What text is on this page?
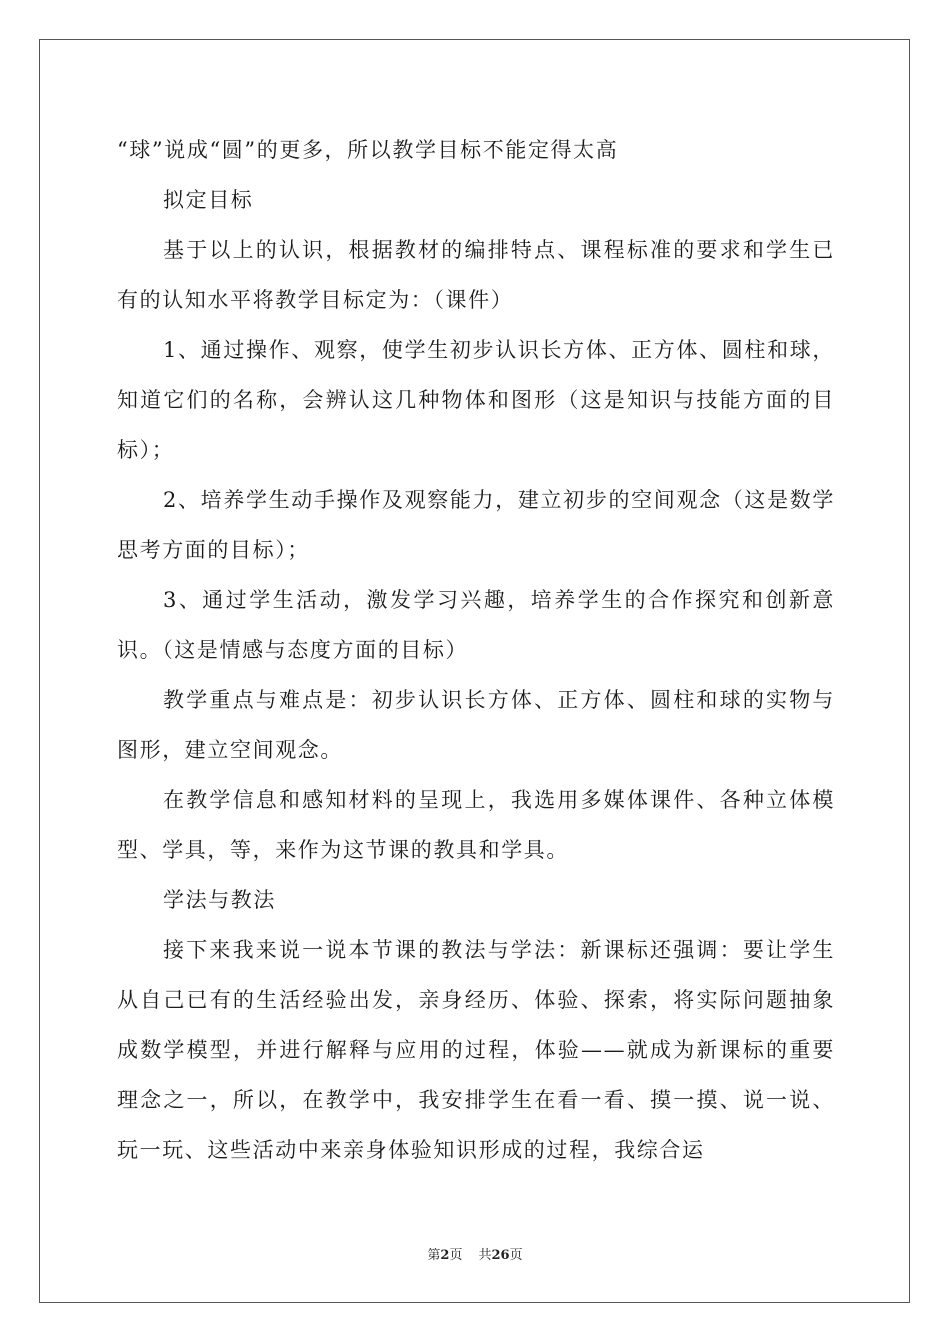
“球”说成“圆”的更多，所以教学目标不能定得太高

拟定目标

基于以上的认识，根据教材的编排特点、课程标准的要求和学生已有的认知水平将教学目标定为：（课件）

1、通过操作、观察，使学生初步认识长方体、正方体、圆柱和球，知道它们的名称，会辨认这几种物体和图形（这是知识与技能方面的目标）；

2、培养学生动手操作及观察能力，建立初步的空间观念（这是数学思考方面的目标）；

3、通过学生活动，激发学习兴趣，培养学生的合作探究和创新意识。（这是情感与态度方面的目标）

教学重点与难点是：初步认识长方体、正方体、圆柱和球的实物与图形，建立空间观念。

在教学信息和感知材料的呈现上，我选用多媒体课件、各种立体模型、学具，等，来作为这节课的教具和学具。

学法与教法

接下来我来说一说本节课的教法与学法：新课标还强调：要让学生从自己已有的生活经验出发，亲身经历、体验、探索，将实际问题抽象成数学模型，并进行解释与应用的过程，体验——就成为新课标的重要理念之一，所以，在教学中，我安排学生在看一看、摸一摸、说一说、玩一玩、这些活动中来亲身体验知识形成的过程，我综合运

第2页 共26页
